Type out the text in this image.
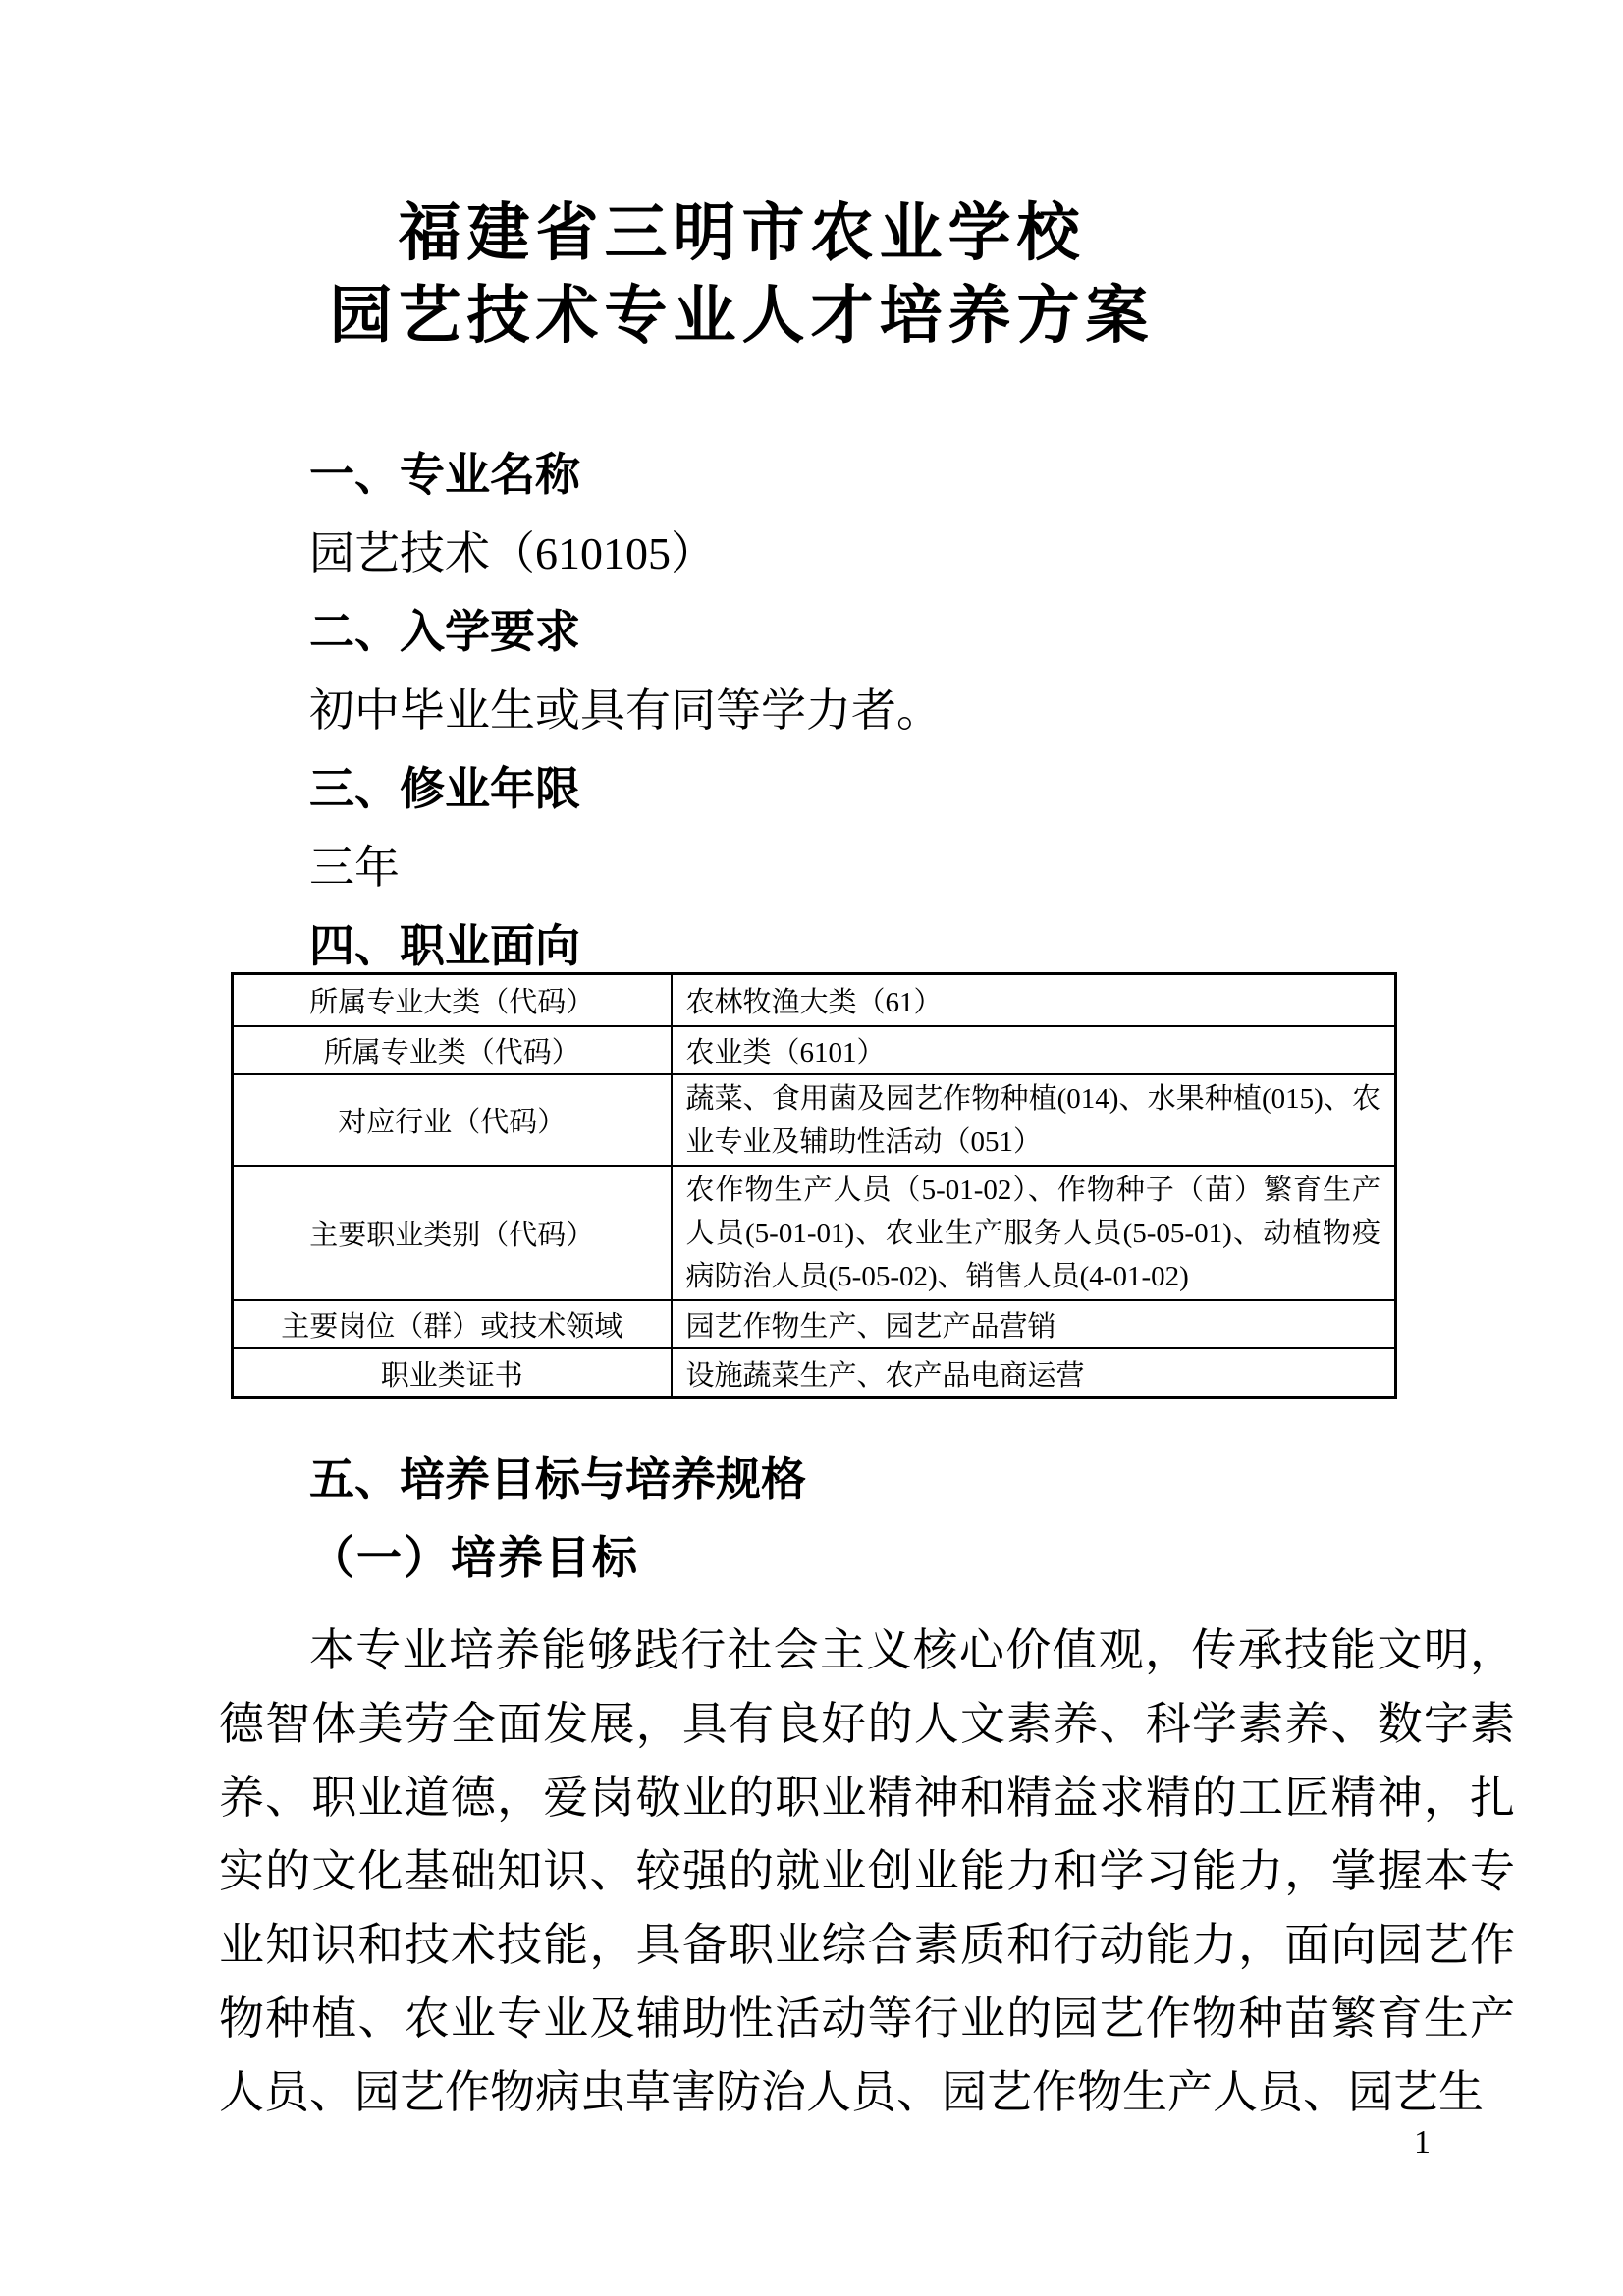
福建省三明市农业学校
园艺技术专业人才培养方案
一、专业名称
园艺技术（610105）
二、入学要求
初中毕业生或具有同等学力者。
三、修业年限
三年
四、职业面向
所属专业大类（代码）	农林牧渔大类（61）
所属专业类（代码）	农业类（6101）
对应行业（代码）	蔬菜、食用菌及园艺作物种植(014)、水果种植(015)、农业专业及辅助性活动（051）
主要职业类别（代码）	农作物生产人员（5-01-02）、作物种子（苗）繁育生产人员(5-01-01)、农业生产服务人员(5-05-01)、动植物疫病防治人员(5-05-02)、销售人员(4-01-02)
主要岗位（群）或技术领域	园艺作物生产、园艺产品营销
职业类证书	设施蔬菜生产、农产品电商运营
五、培养目标与培养规格
（一）培养目标

本专业培养能够践行社会主义核心价值观，传承技能文明，德智体美劳全面发展，具有良好的人文素养、科学素养、数字素养、职业道德，爱岗敬业的职业精神和精益求精的工匠精神，扎实的文化基础知识、较强的就业创业能力和学习能力，掌握本专业知识和技术技能，具备职业综合素质和行动能力，面向园艺作物种植、农业专业及辅助性活动等行业的园艺作物种苗繁育生产人员、园艺作物病虫草害防治人员、园艺作物生产人员、园艺生

1
